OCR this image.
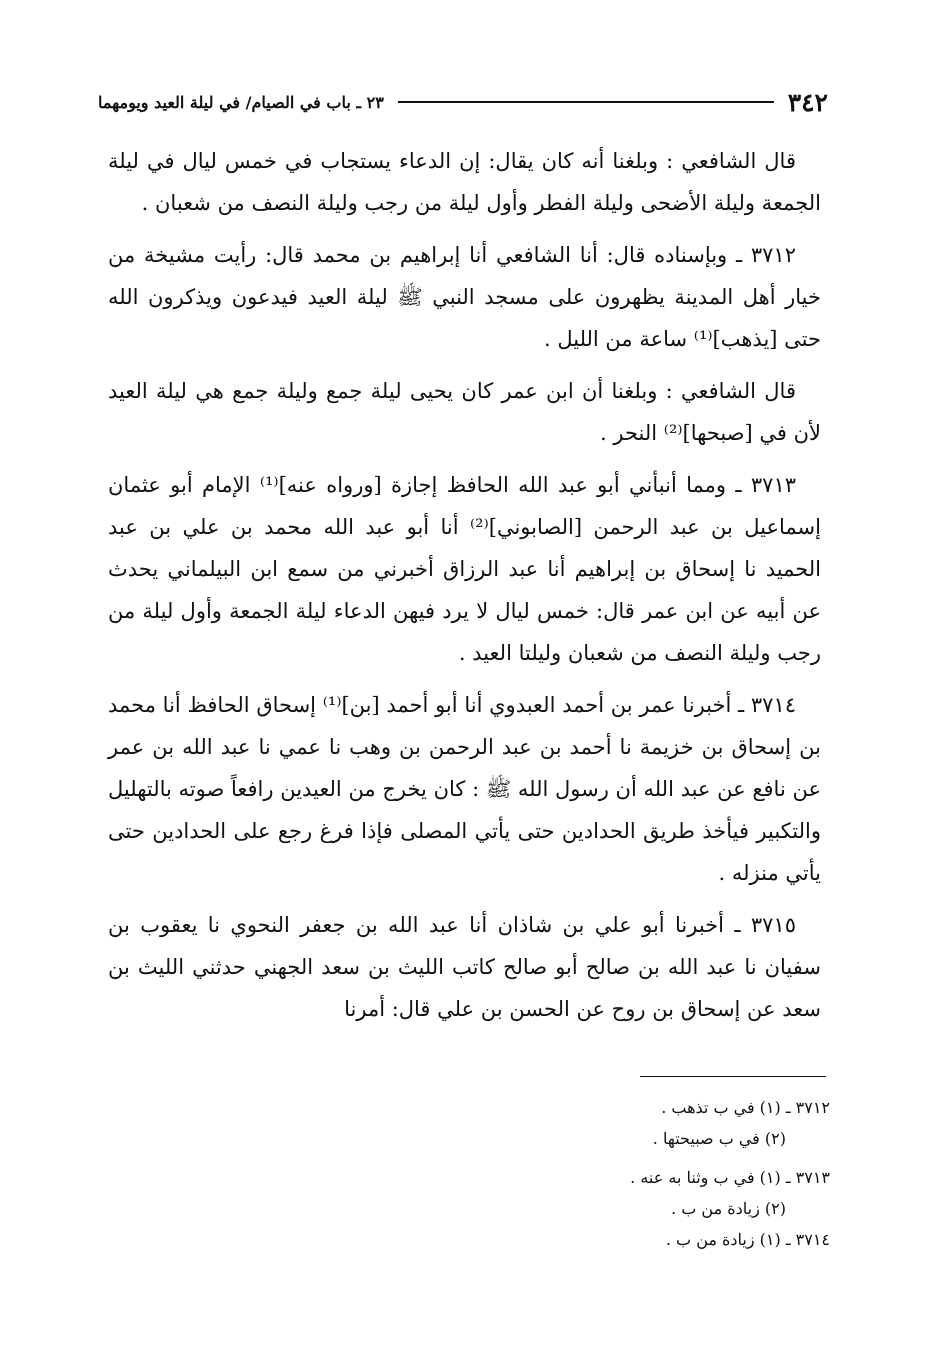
٣٤٢
٢٣ ـ باب في الصيام/ في ليلة العيد ويومهما

قال الشافعي : وبلغنا أنه كان يقال: إن الدعاء يستجاب في خمس ليال في ليلة الجمعة وليلة الأضحى وليلة الفطر وأول ليلة من رجب وليلة النصف من شعبان .

٣٧١٢ ـ وبإسناده قال: أنا الشافعي أنا إبراهيم بن محمد قال: رأيت مشيخة من خيار أهل المدينة يظهرون على مسجد النبي ﷺ ليلة العيد فيدعون ويذكرون الله حتى [يذهب]⁽¹⁾ ساعة من الليل .

قال الشافعي : وبلغنا أن ابن عمر كان يحيى ليلة جمع وليلة جمع هي ليلة العيد لأن في [صبحها]⁽²⁾ النحر .

٣٧١٣ ـ ومما أنبأني أبو عبد الله الحافظ إجازة [ورواه عنه]⁽¹⁾ الإمام أبو عثمان إسماعيل بن عبد الرحمن [الصابوني]⁽²⁾ أنا أبو عبد الله محمد بن علي بن عبد الحميد نا إسحاق بن إبراهيم أنا عبد الرزاق أخبرني من سمع ابن البيلماني يحدث عن أبيه عن ابن عمر قال: خمس ليال لا يرد فيهن الدعاء ليلة الجمعة وأول ليلة من رجب وليلة النصف من شعبان وليلتا العيد .

٣٧١٤ ـ أخبرنا عمر بن أحمد العبدوي أنا أبو أحمد [بن]⁽¹⁾ إسحاق الحافظ أنا محمد بن إسحاق بن خزيمة نا أحمد بن عبد الرحمن بن وهب نا عمي نا عبد الله بن عمر عن نافع عن عبد الله أن رسول الله ﷺ : كان يخرج من العيدين رافعاً صوته بالتهليل والتكبير فيأخذ طريق الحدادين حتى يأتي المصلى فإذا فرغ رجع على الحدادين حتى يأتي منزله .

٣٧١٥ ـ أخبرنا أبو علي بن شاذان أنا عبد الله بن جعفر النحوي نا يعقوب بن سفيان نا عبد الله بن صالح أبو صالح كاتب الليث بن سعد الجهني حدثني الليث بن سعد عن إسحاق بن روح عن الحسن بن علي قال: أمرنا

٣٧١٢ ـ (١) في ب تذهب .
(٢) في ب صبيحتها .
٣٧١٣ ـ (١) في ب وثنا به عنه .
(٢) زيادة من ب .
٣٧١٤ ـ (١) زيادة من ب .
